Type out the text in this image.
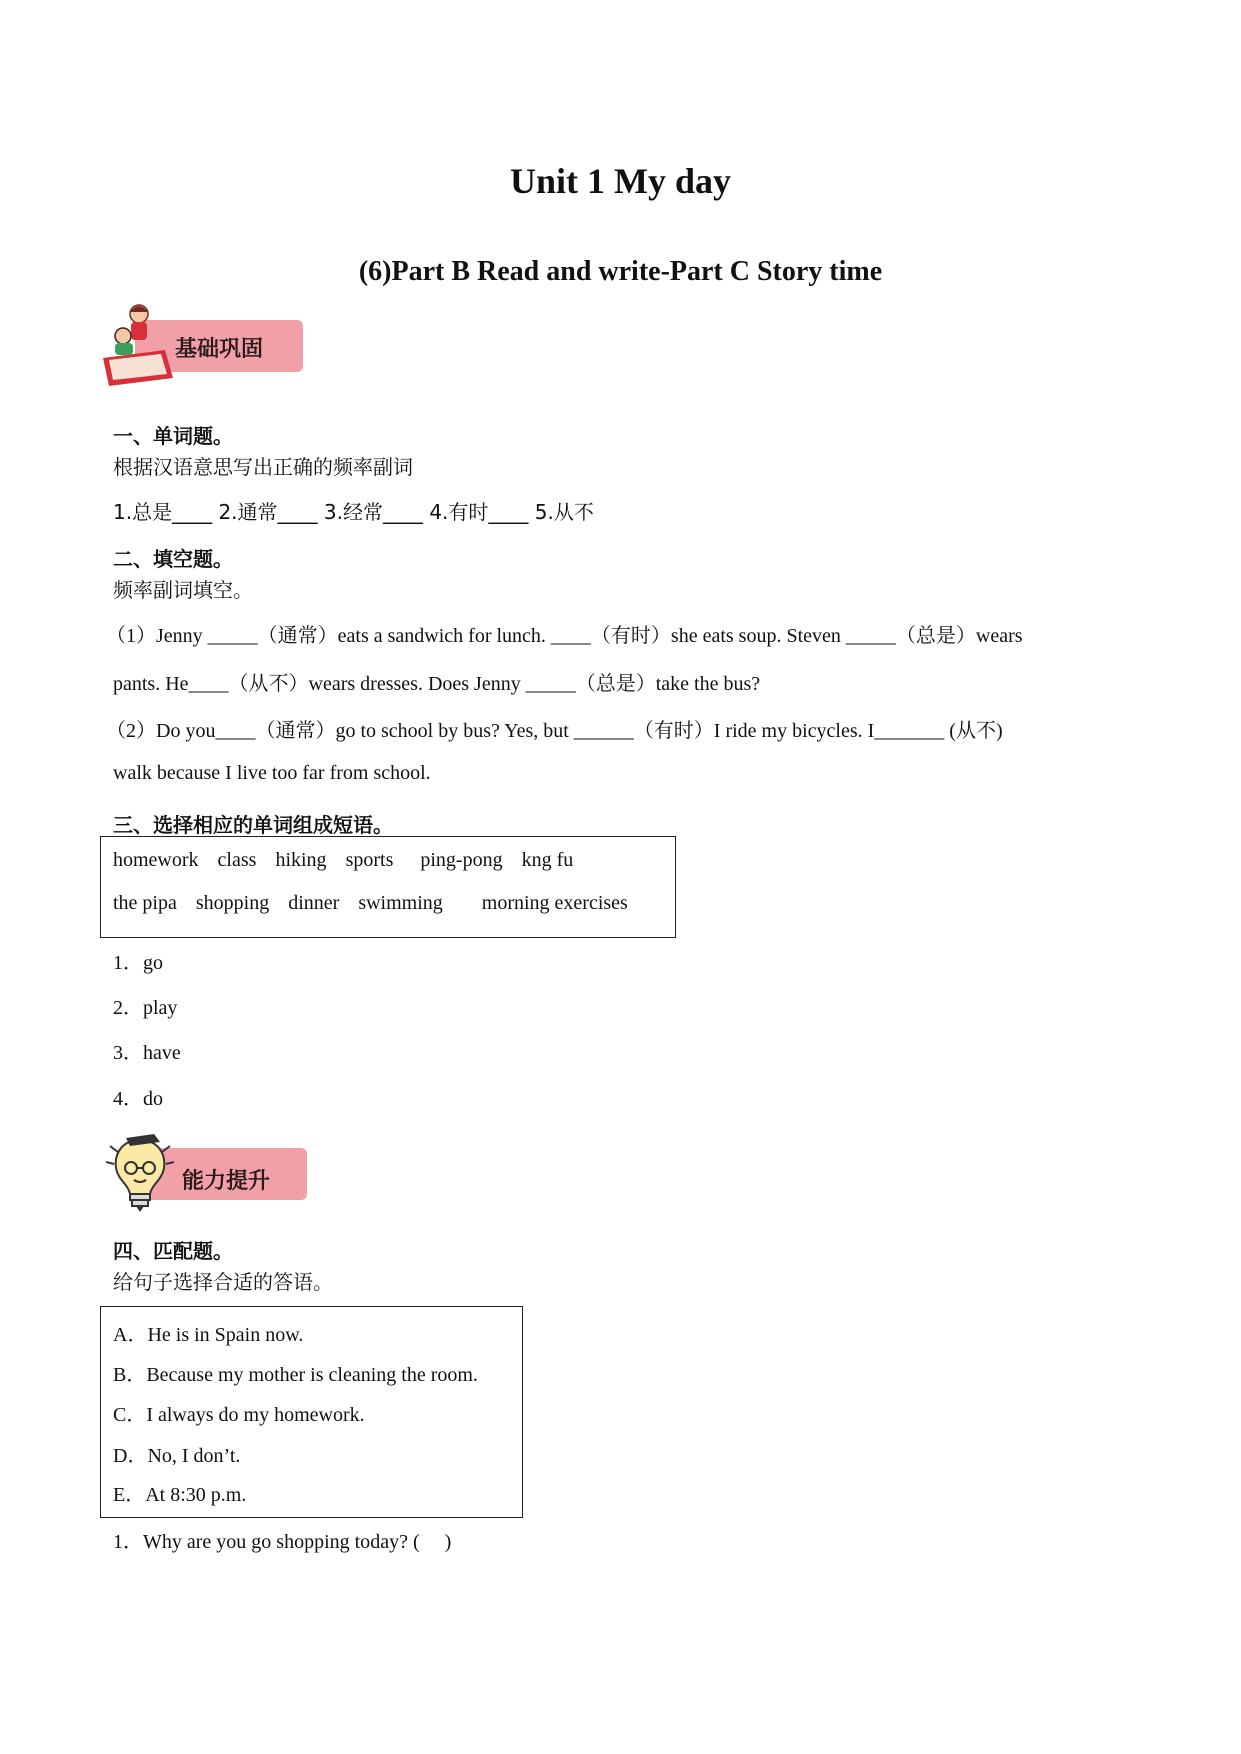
Unit 1 My day
(6)Part B Read and write-Part C Story time
基础巩固
一、单词题。
根据汉语意思写出正确的频率副词
1.总是____ 2.通常____ 3.经常____ 4.有时____ 5.从不
二、填空题。
频率副词填空。
（1）Jenny _____（通常）eats a sandwich for lunch. ____（有时）she eats soup. Steven _____（总是）wears
pants. He____（从不）wears dresses. Does Jenny _____（总是）take the bus?
（2）Do you____（通常）go to school by bus? Yes, but ______（有时）I ride my bicycles. I_______ (从不)
walk because I live too far from school.
三、选择相应的单词组成短语。
homework class hiking sports ping-pong kng fu
the pipa shopping dinner swimming morning exercises
1．go
2．play
3．have
4．do
能力提升
四、匹配题。
给句子选择合适的答语。
A．He is in Spain now.
B．Because my mother is cleaning the room.
C．I always do my homework.
D．No, I don’t.
E．At 8:30 p.m.
1．Why are you go shopping today? (　 )
